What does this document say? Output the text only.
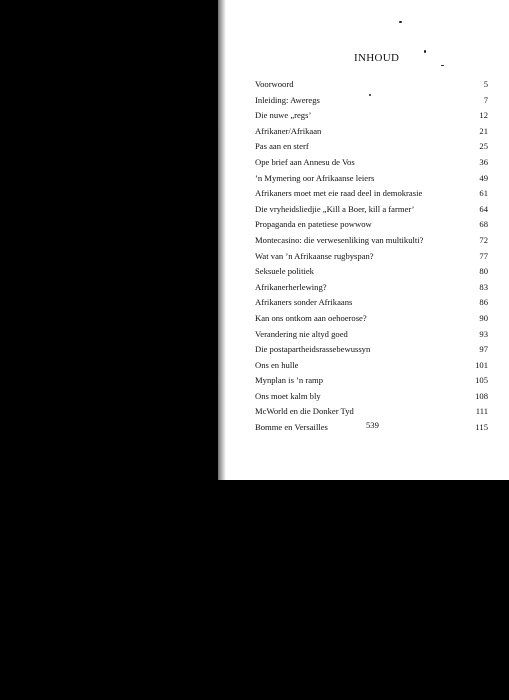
INHOUD
Voorwoord	5
Inleiding: Aweregs	7
Die nuwe „regs’	12
Afrikaner/Afrikaan	21
Pas aan en sterf	25
Ope brief aan Annesu de Vos	36
’n Mymering oor Afrikaanse leiers	49
Afrikaners moet met eie raad deel in demokrasie	61
Die vryheidsliedjie „Kill a Boer, kill a farmer’	64
Propaganda en patetiese powwow	68
Montecasino: die verwesenliking van multikulti?	72
Wat van ’n Afrikaanse rugbyspan?	77
Seksuele politiek	80
Afrikanerherlewing?	83
Afrikaners sonder Afrikaans	86
Kan ons ontkom aan oehoerose?	90
Verandering nie altyd goed	93
Die postapartheidsrassebewussyn	97
Ons en hulle	101
Mynplan is ’n ramp	105
Ons moet kalm bly	108
McWorld en die Donker Tyd	111
Bomme en Versailles	115
539
